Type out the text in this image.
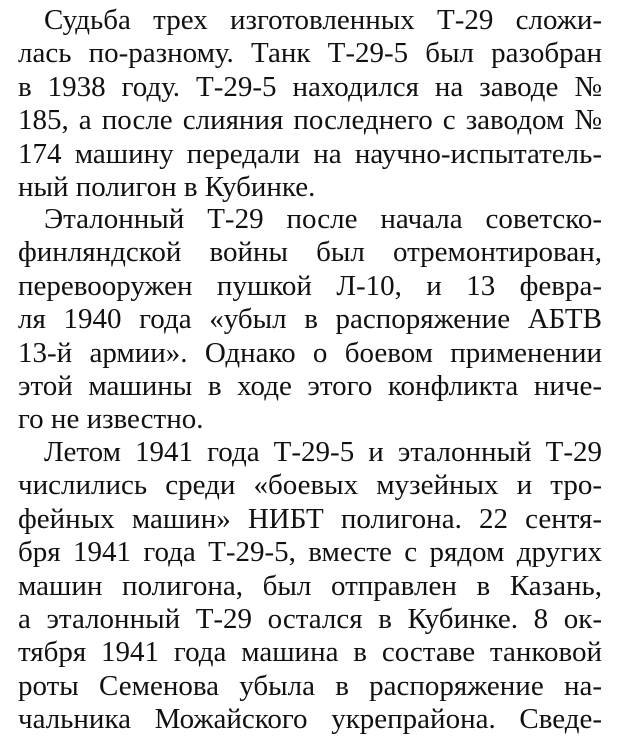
Судьба трех изготовленных Т-29 сложи-
лась по-разному. Танк Т-29-5 был разобран
в 1938 году. Т-29-5 находился на заводе №
185, а после слияния последнего с заводом №
174 машину передали на научно-испытатель-
ный полигон в Кубинке.
Эталонный Т-29 после начала советско-
финляндской войны был отремонтирован,
перевооружен пушкой Л-10, и 13 февра-
ля 1940 года «убыл в распоряжение АБТВ
13-й армии». Однако о боевом применении
этой машины в ходе этого конфликта ниче-
го не известно.
Летом 1941 года Т-29-5 и эталонный Т-29
числились среди «боевых музейных и тро-
фейных машин» НИБТ полигона. 22 сентя-
бря 1941 года Т-29-5, вместе с рядом других
машин полигона, был отправлен в Казань,
а эталонный Т-29 остался в Кубинке. 8 ок-
тября 1941 года машина в составе танковой
роты Семенова убыла в распоряжение на-
чальника Можайского укрепрайона. Сведе-
